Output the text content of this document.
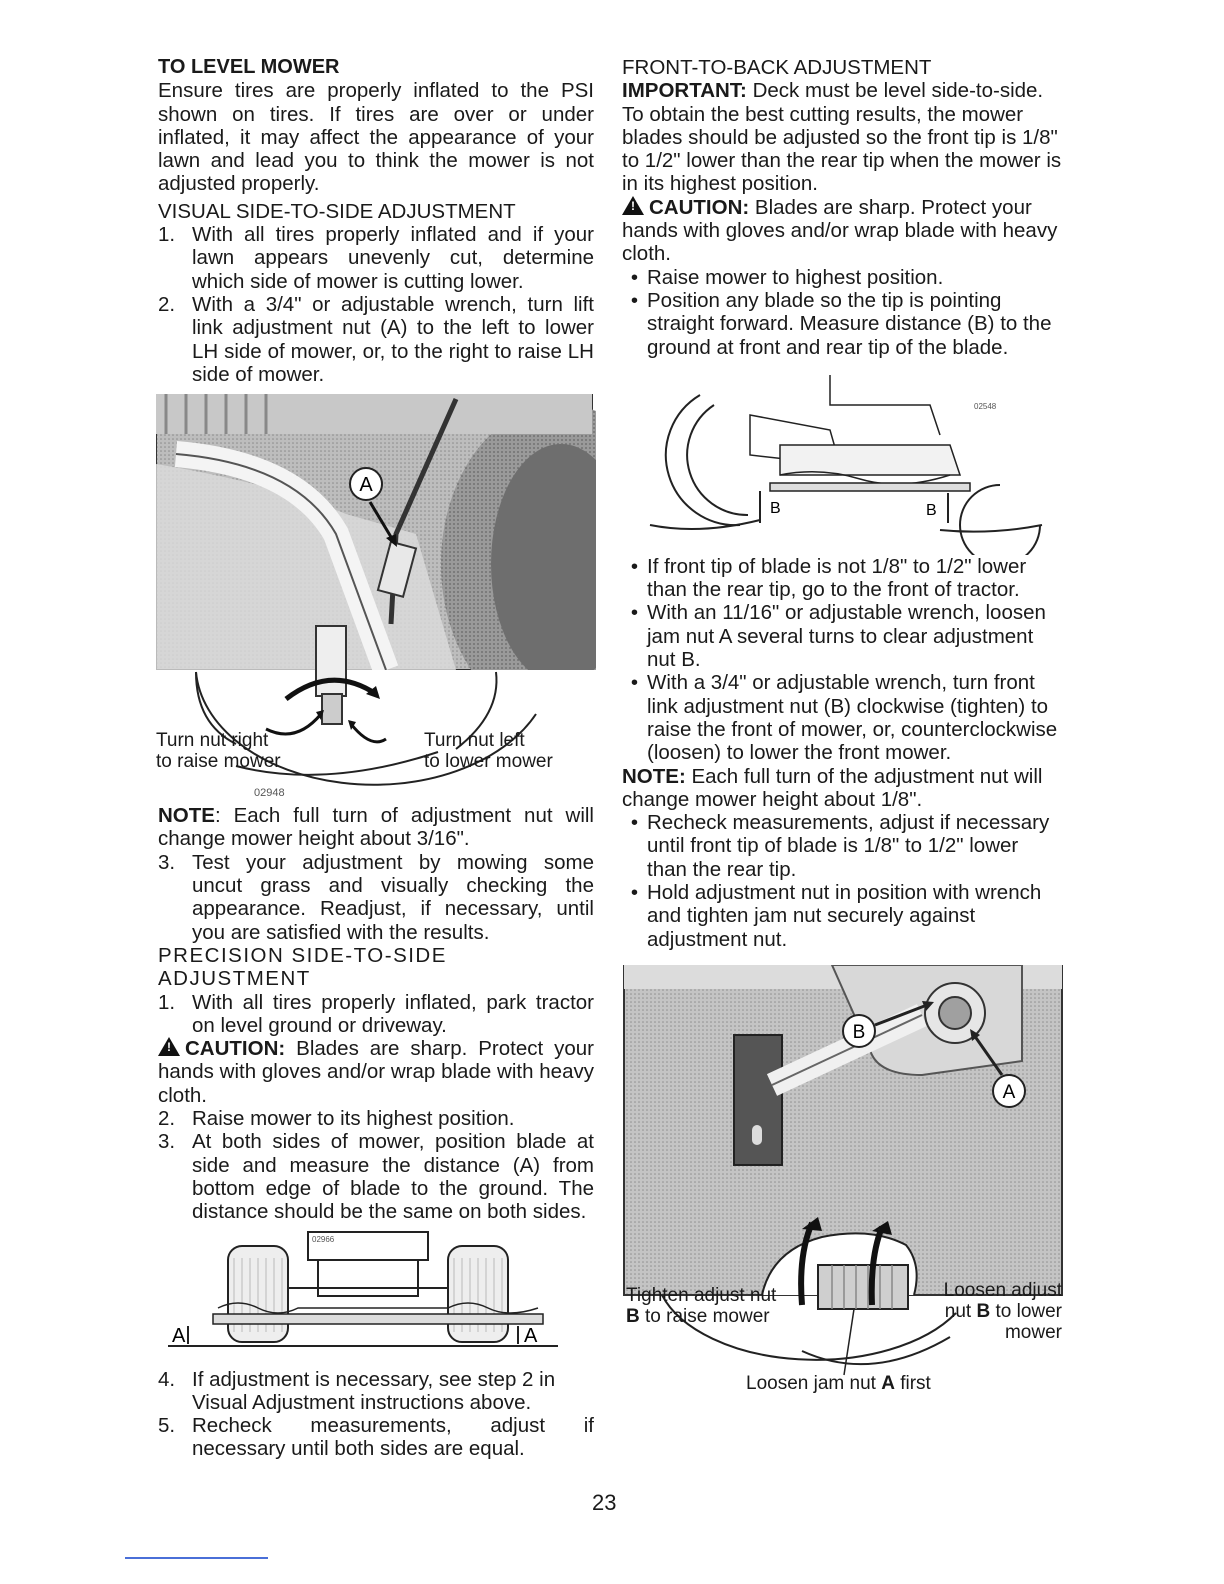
TO LEVEL MOWER

Ensure tires are properly inflated to the PSI shown on tires. If tires are over or under inflated, it may affect the appearance of your lawn and lead you to think the mower is not adjusted properly.

VISUAL SIDE-TO-SIDE ADJUSTMENT

1. With all tires properly inflated and if your lawn appears unevenly cut, determine which side of mower is cutting lower.
2. With a 3/4" or adjustable wrench, turn lift link adjustment nut (A) to the left to lower LH side of mower, or, to the right to raise LH side of mower.
A
Turn nut right
to raise mower
Turn nut left
to lower mower
02948

NOTE: Each full turn of adjustment nut will change mower height about 3/16".

3. Test your adjustment by mowing some uncut grass and visually checking the appearance. Readjust, if necessary, until you are satisfied with the results.

PRECISION SIDE-TO-SIDE ADJUSTMENT

1. With all tires properly inflated, park tractor on level ground or driveway.

! CAUTION: Blades are sharp. Protect your hands with gloves and/or wrap blade with heavy cloth.

2. Raise mower to its highest position.
3. At both sides of mower, position blade at side and measure the distance (A) from bottom edge of blade to the ground. The distance should be the same on both sides.
A	A
02966
4. If adjustment is necessary, see step 2 in Visual Adjustment instructions above.
5. Recheck measurements, adjust if necessary until both sides are equal.

FRONT-TO-BACK ADJUSTMENT

IMPORTANT: Deck must be level side-to-side. To obtain the best cutting results, the mower blades should be adjusted so the front tip is 1/8" to 1/2" lower than the rear tip when the mower is in its highest position.

! CAUTION: Blades are sharp. Protect your hands with gloves and/or wrap blade with heavy cloth.

• Raise mower to highest position.
• Position any blade so the tip is pointing straight forward. Measure distance (B) to the ground at front and rear tip of the blade.
B	B
02548
• If front tip of blade is not 1/8" to 1/2" lower than the rear tip, go to the front of tractor.
• With an 11/16" or adjustable wrench, loosen jam nut A several turns to clear adjustment nut B.
• With a 3/4" or adjustable wrench, turn front link adjustment nut (B) clockwise (tighten) to raise the front of mower, or, counterclockwise (loosen) to lower the front mower.

NOTE: Each full turn of the adjustment nut will change mower height about 1/8".

• Recheck measurements, adjust if necessary until front tip of blade is 1/8" to 1/2" lower than the rear tip.
• Hold adjustment nut in position with wrench and tighten jam nut securely against adjustment nut.
B
A
Tighten adjust nut
B to raise mower
Loosen adjust
nut B to lower
mower
Loosen jam nut A first
23
